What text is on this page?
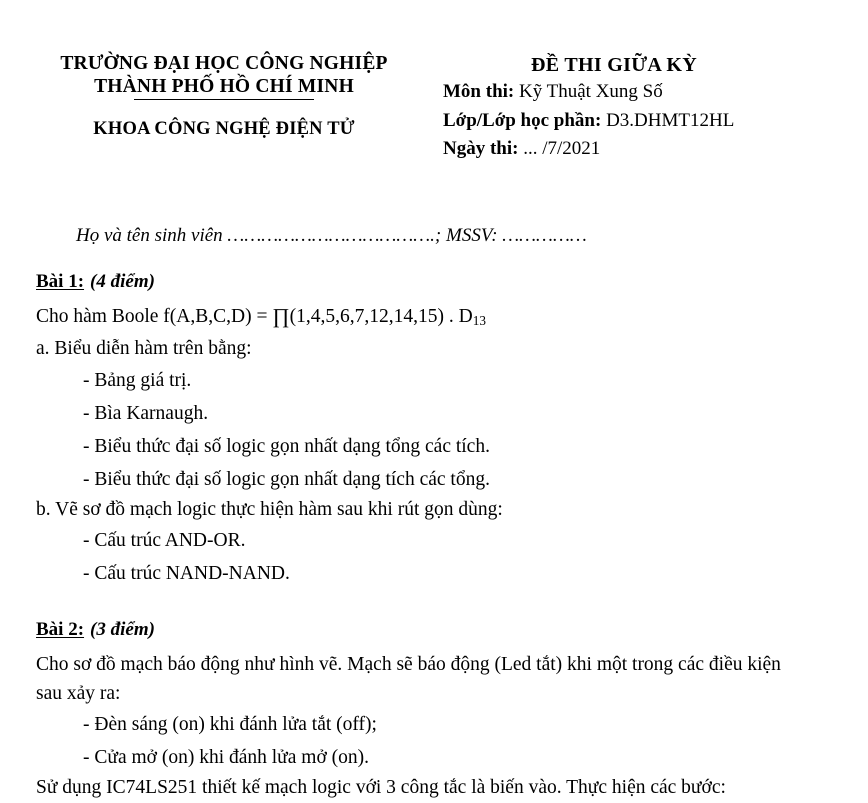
TRƯỜNG ĐẠI HỌC CÔNG NGHIỆP
THÀNH PHỐ HỒ CHÍ MINH
KHOA CÔNG NGHỆ ĐIỆN TỬ
ĐỀ THI GIỮA KỲ
Môn thi: Kỹ Thuật Xung Số
Lớp/Lớp học phần: D3.DHMT12HL
Ngày thi: ... /7/2021
Họ và tên sinh viên ……………………………….; MSSV: ……………
Bài 1: (4 điểm)
Cho hàm Boole f(A,B,C,D) = ∏(1,4,5,6,7,12,14,15) . $D_{13}$
a. Biểu diễn hàm trên bằng:
- Bảng giá trị.
- Bìa Karnaugh.
- Biểu thức đại số logic gọn nhất dạng tổng các tích.
- Biểu thức đại số logic gọn nhất dạng tích các tổng.
b. Vẽ sơ đồ mạch logic thực hiện hàm sau khi rút gọn dùng:
- Cấu trúc AND-OR.
- Cấu trúc NAND-NAND.
Bài 2: (3 điểm)
Cho sơ đồ mạch báo động như hình vẽ. Mạch sẽ báo động (Led tắt) khi một trong các điều kiện sau xảy ra:
- Đèn sáng (on) khi đánh lửa tắt (off);
- Cửa mở (on) khi đánh lửa mở (on).
Sử dụng IC74LS251 thiết kế mạch logic với 3 công tắc là biến vào. Thực hiện các bước:
